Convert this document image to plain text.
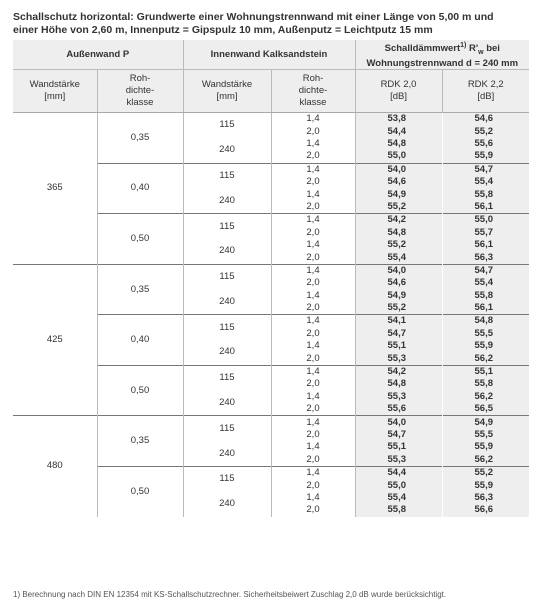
Schallschutz horizontal: Grundwerte einer Wohnungstrennwand mit einer Länge von 5,00 m und
einer Höhe von 2,60 m, Innenputz = Gipspulz 10 mm, Außenputz = Leichtputz 15 mm
Außenwand P		Innenwand Kalksandstein		Schalldämmwert$^{1)}$ $R'_w$ bei
Wohnungstrennwand d = 240 mm	
Wandstärke
[mm]	Roh-
dichte-
klasse	Wandstärke
[mm]	Roh-
dichte-
klasse	RDK 2,0
[dB]	RDK 2,2
[dB]
365	0,35	115	1,4	53,8	54,6
			2,0	54,4	55,2
		240	1,4	54,8	55,6
			2,0	55,0	55,9
	0,40	115	1,4	54,0	54,7
			2,0	54,6	55,4
		240	1,4	54,9	55,8
			2,0	55,2	56,1
	0,50	115	1,4	54,2	55,0
			2,0	54,8	55,7
		240	1,4	55,2	56,1
			2,0	55,4	56,3
425	0,35	115	1,4	54,0	54,7
			2,0	54,6	55,4
		240	1,4	54,9	55,8
			2,0	55,2	56,1
	0,40	115	1,4	54,1	54,8
			2,0	54,7	55,5
		240	1,4	55,1	55,9
			2,0	55,3	56,2
	0,50	115	1,4	54,2	55,1
			2,0	54,8	55,8
		240	1,4	55,3	56,2
			2,0	55,6	56,5
480	0,35	115	1,4	54,0	54,9
			2,0	54,7	55,5
		240	1,4	55,1	55,9
			2,0	55,3	56,2
	0,50	115	1,4	54,4	55,2
			2,0	55,0	55,9
		240	1,4	55,4	56,3
			2,0	55,8	56,6
1) Berechnung nach DIN EN 12354 mit KS-Schallschutzrechner. Sicherheitsbeiwert Zuschlag 2,0 dB wurde berücksichtigt.
